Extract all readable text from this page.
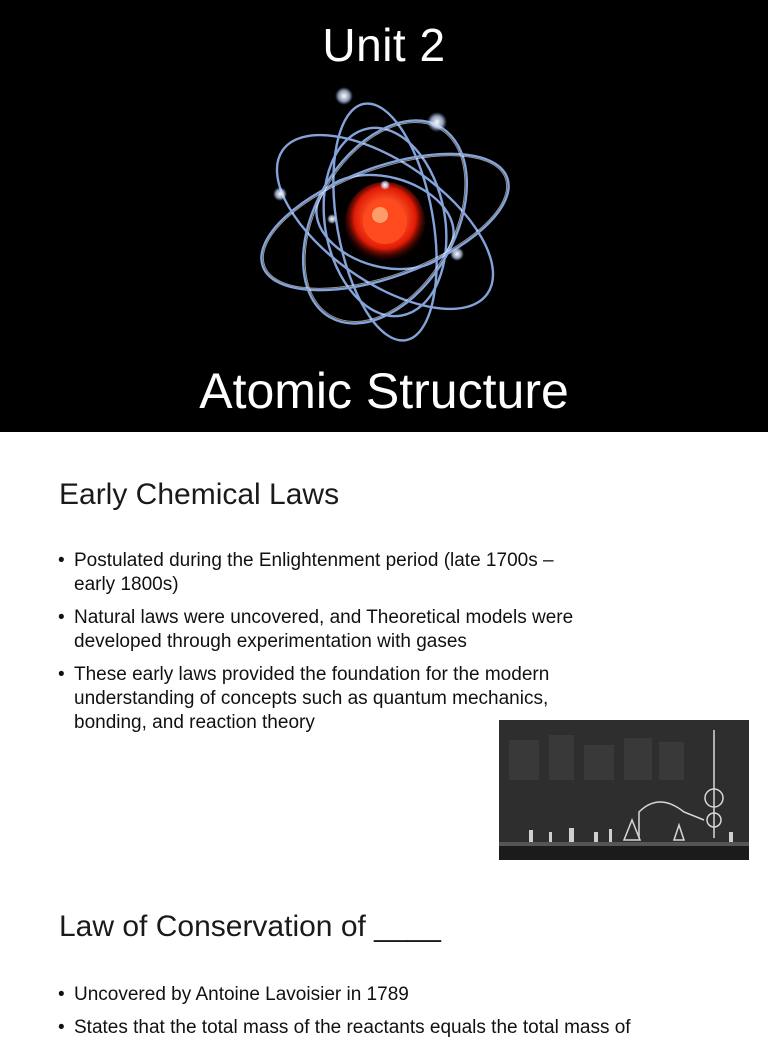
Unit 2
Atomic Structure
Early Chemical Laws
• Postulated during the Enlightenment period (late 1700s – early 1800s)
• Natural laws were uncovered, and Theoretical models were developed through experimentation with gases
• These early laws provided the foundation for the modern understanding of concepts such as quantum mechanics, bonding, and reaction theory
Law of Conservation of ____
• Uncovered by Antoine Lavoisier in 1789
• States that the total mass of the reactants equals the total mass of
